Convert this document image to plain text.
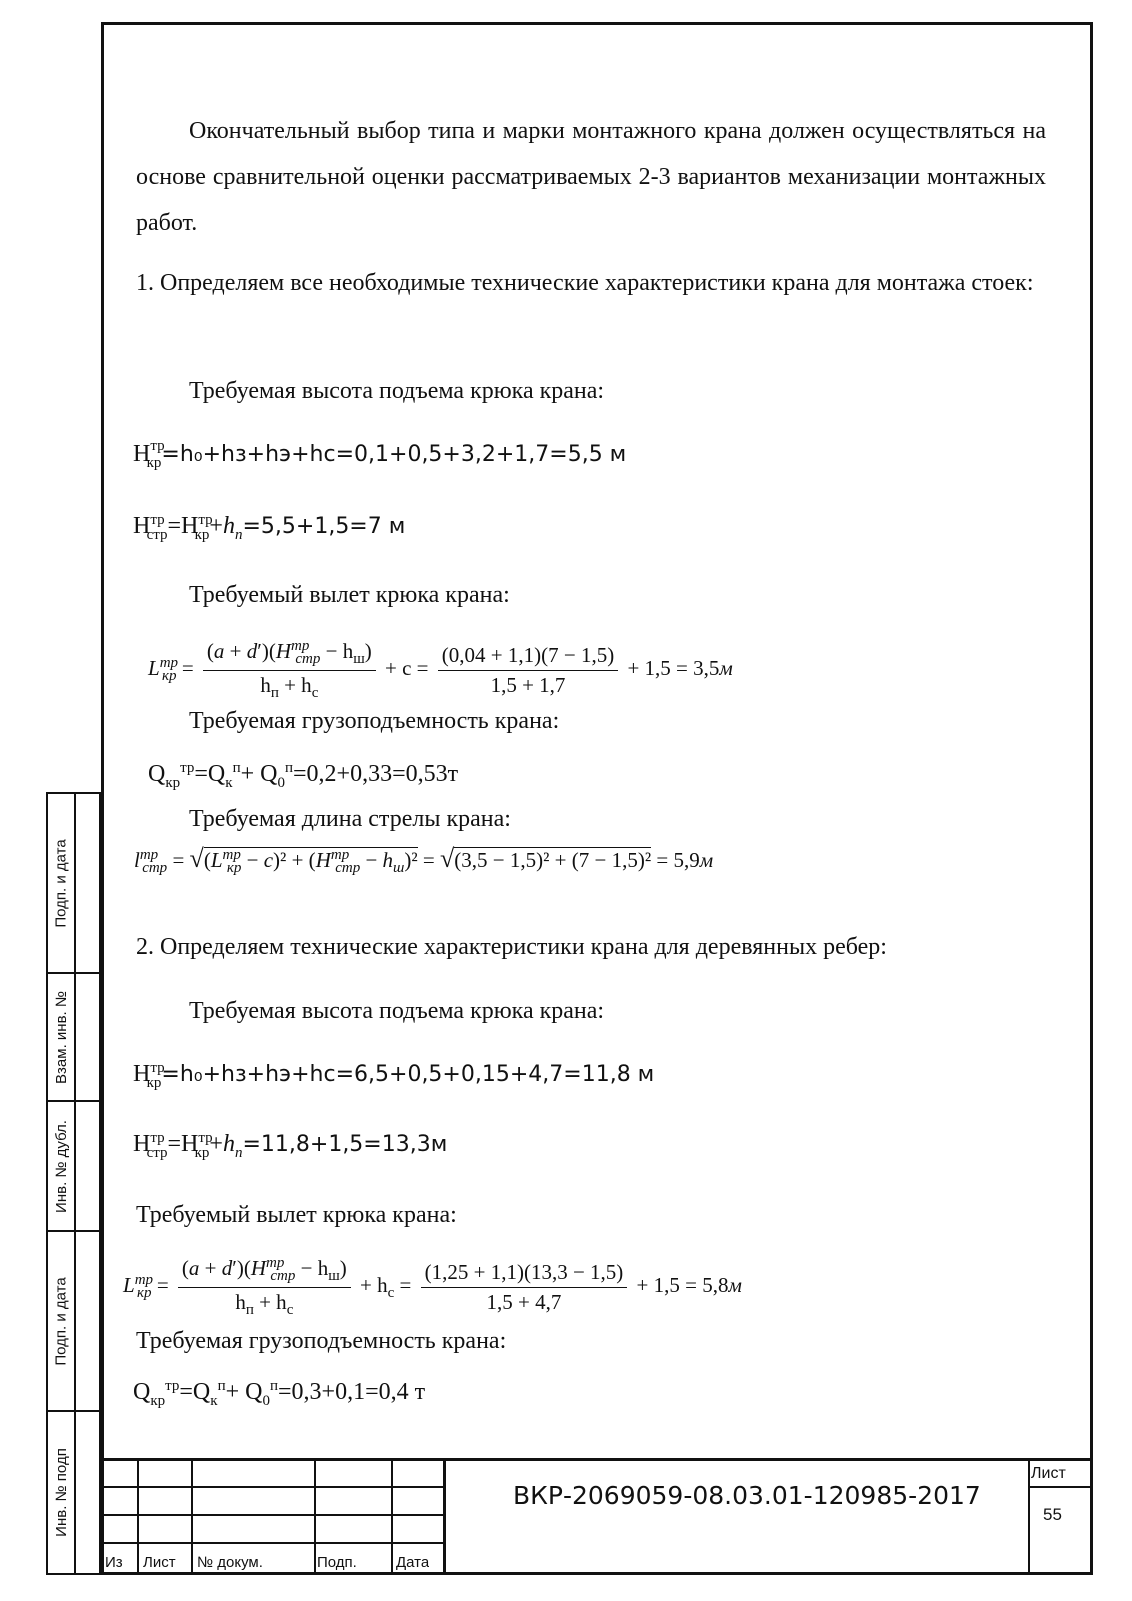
Окончательный выбор типа и марки монтажного крана должен осуществляться на основе сравнительной оценки рассматриваемых 2-3 вариантов механизации монтажных работ.
1. Определяем все необходимые технические характеристики крана для монтажа стоек:
Требуемая высота подъема крюка крана:
$H^{тр}_{кр}=h_0+hз+hэ+hс=0,1+0,5+3,2+1,7=5,5$ м
$H^{тр}_{стр}=H^{тр}_{кр}+h_п=5,5+1,5=7$ м
Требуемый вылет крюка крана:
$L^{тр}_{кр} = \frac{(a + d')(H^{тр}_{стр} - h_ш)}{h_п + h_с} + c = \frac{(0,04 + 1,1)(7 - 1,5)}{1,5 + 1,7} + 1,5 = 3,5м$
Требуемая грузоподъемность крана:
$Q_{кр}^{тр}=Q_к^п+ Q_0^п=0,2+0,33=0,53т$
Требуемая длина стрелы крана:
$l^{тр}_{стр} = √(L^{тр}_{кр} - c)^2 + (H^{тр}_{стр} - h_ш)^2 = √(3,5 - 1,5)^2 + (7 - 1,5)^2 = 5,9м$
2. Определяем технические характеристики крана для деревянных ребер:
Требуемая высота подъема крюка крана:
$H^{тр}_{кр}=h_0+hз+hэ+hс=6,5+0,5+0,15+4,7=11,8$ м
$H^{тр}_{стр}=H^{тр}_{кр}+h_п=11,8+1,5=13,3м$
Требуемый вылет крюка крана:
$L^{тр}_{кр} = \frac{(a + d')(H^{тр}_{стр} - h_ш)}{h_п + h_с} + h_с = \frac{(1,25 + 1,1)(13,3 - 1,5)}{1,5 + 4,7} + 1,5 = 5,8м$
Требуемая грузоподъемность крана:
$Q_{кр}^{тр}=Q_к^п+ Q_0^п=0,3+0,1=0,4$ т
Подп. и дата
Взам. инв. №
Инв. № дубл.
Подп. и дата
Инв. № подп
Из Лист № докум.	Подп.	Дата
ВКР-2069059-08.03.01-120985-2017
Лист
55
